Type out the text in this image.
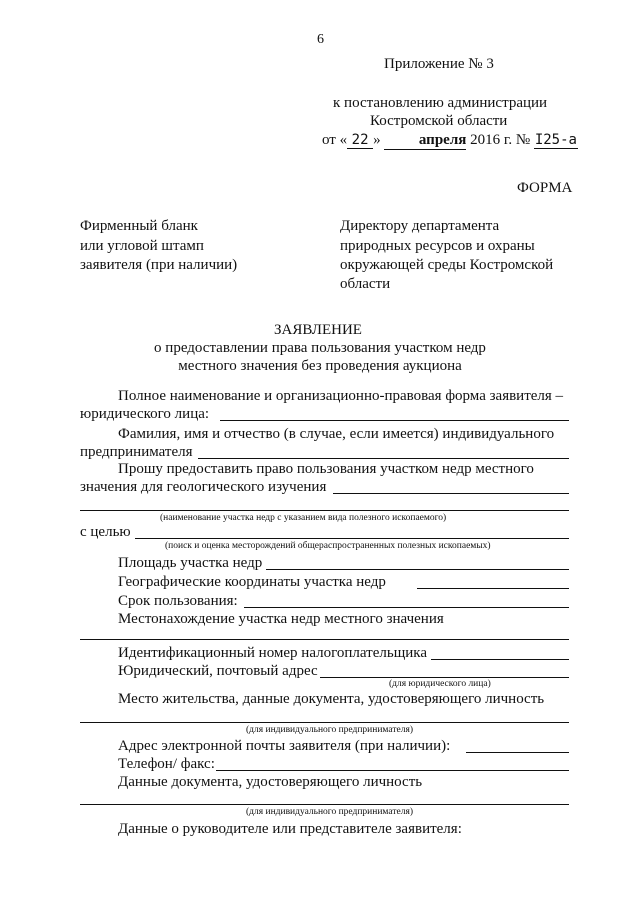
6
Приложение № 3
к постановлению администрации
Костромской области
от « 22 »	апреля 2016 г. № I25-а
ФОРМА
Фирменный бланк
или угловой штамп
заявителя (при наличии)
Директору департамента
природных ресурсов и охраны
окружающей среды Костромской
области
ЗАЯВЛЕНИЕ
о предоставлении права пользования участком недр
местного значения без проведения аукциона
Полное наименование и организационно-правовая форма заявителя –
юридического лица:
Фамилия, имя и отчество (в случае, если имеется) индивидуального
предпринимателя
Прошу предоставить право пользования участком недр местного
значения для геологического изучения
(наименование участка недр с указанием вида полезного ископаемого)
с целью
(поиск и оценка месторождений общераспространенных полезных ископаемых)
Площадь участка недр
Географические координаты участка недр
Срок пользования:
Местонахождение участка недр местного значения
Идентификационный номер налогоплательщика
Юридический, почтовый адрес
(для юридического лица)
Место жительства, данные документа, удостоверяющего личность
(для индивидуального предпринимателя)
Адрес электронной почты заявителя (при наличии):
Телефон/ факс:
Данные документа, удостоверяющего личность
(для индивидуального предпринимателя)
Данные о руководителе или представителе заявителя:
